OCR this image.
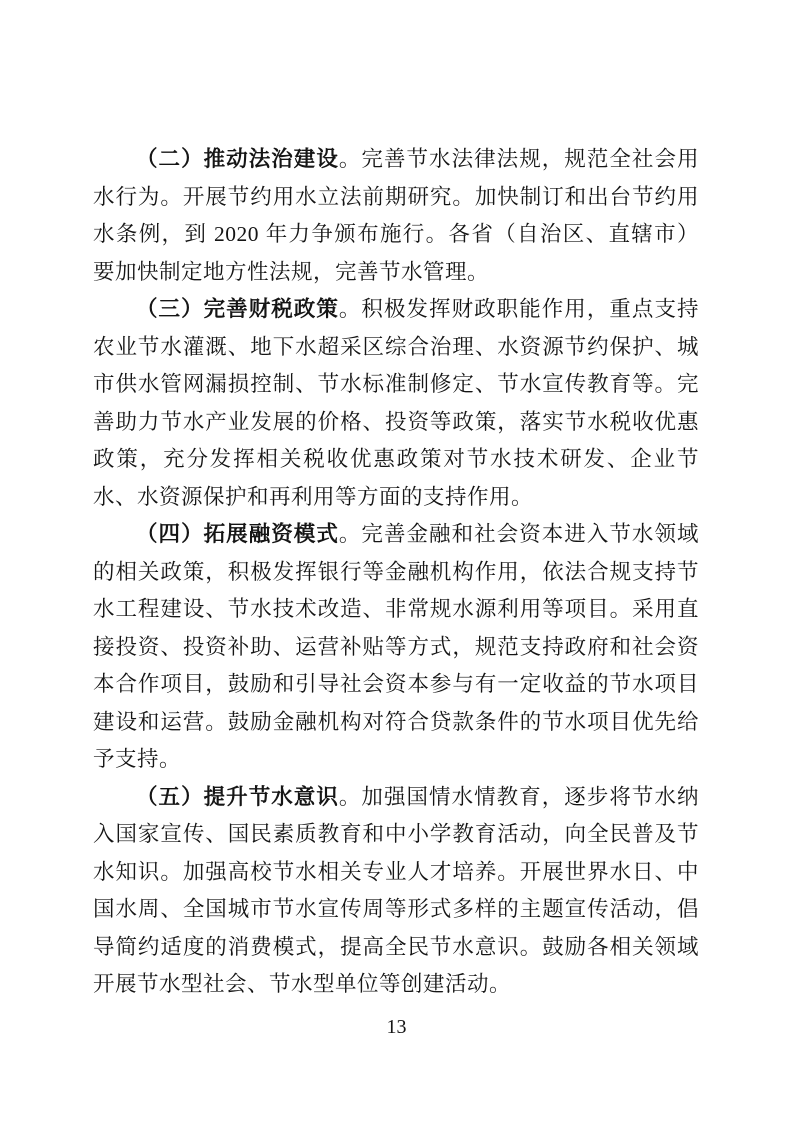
（二）推动法治建设。完善节水法律法规，规范全社会用水行为。开展节约用水立法前期研究。加快制订和出台节约用水条例，到 2020 年力争颁布施行。各省（自治区、直辖市）要加快制定地方性法规，完善节水管理。

（三）完善财税政策。积极发挥财政职能作用，重点支持农业节水灌溉、地下水超采区综合治理、水资源节约保护、城市供水管网漏损控制、节水标准制修定、节水宣传教育等。完善助力节水产业发展的价格、投资等政策，落实节水税收优惠政策，充分发挥相关税收优惠政策对节水技术研发、企业节水、水资源保护和再利用等方面的支持作用。

（四）拓展融资模式。完善金融和社会资本进入节水领域的相关政策，积极发挥银行等金融机构作用，依法合规支持节水工程建设、节水技术改造、非常规水源利用等项目。采用直接投资、投资补助、运营补贴等方式，规范支持政府和社会资本合作项目，鼓励和引导社会资本参与有一定收益的节水项目建设和运营。鼓励金融机构对符合贷款条件的节水项目优先给予支持。

（五）提升节水意识。加强国情水情教育，逐步将节水纳入国家宣传、国民素质教育和中小学教育活动，向全民普及节水知识。加强高校节水相关专业人才培养。开展世界水日、中国水周、全国城市节水宣传周等形式多样的主题宣传活动，倡导简约适度的消费模式，提高全民节水意识。鼓励各相关领域开展节水型社会、节水型单位等创建活动。

13
